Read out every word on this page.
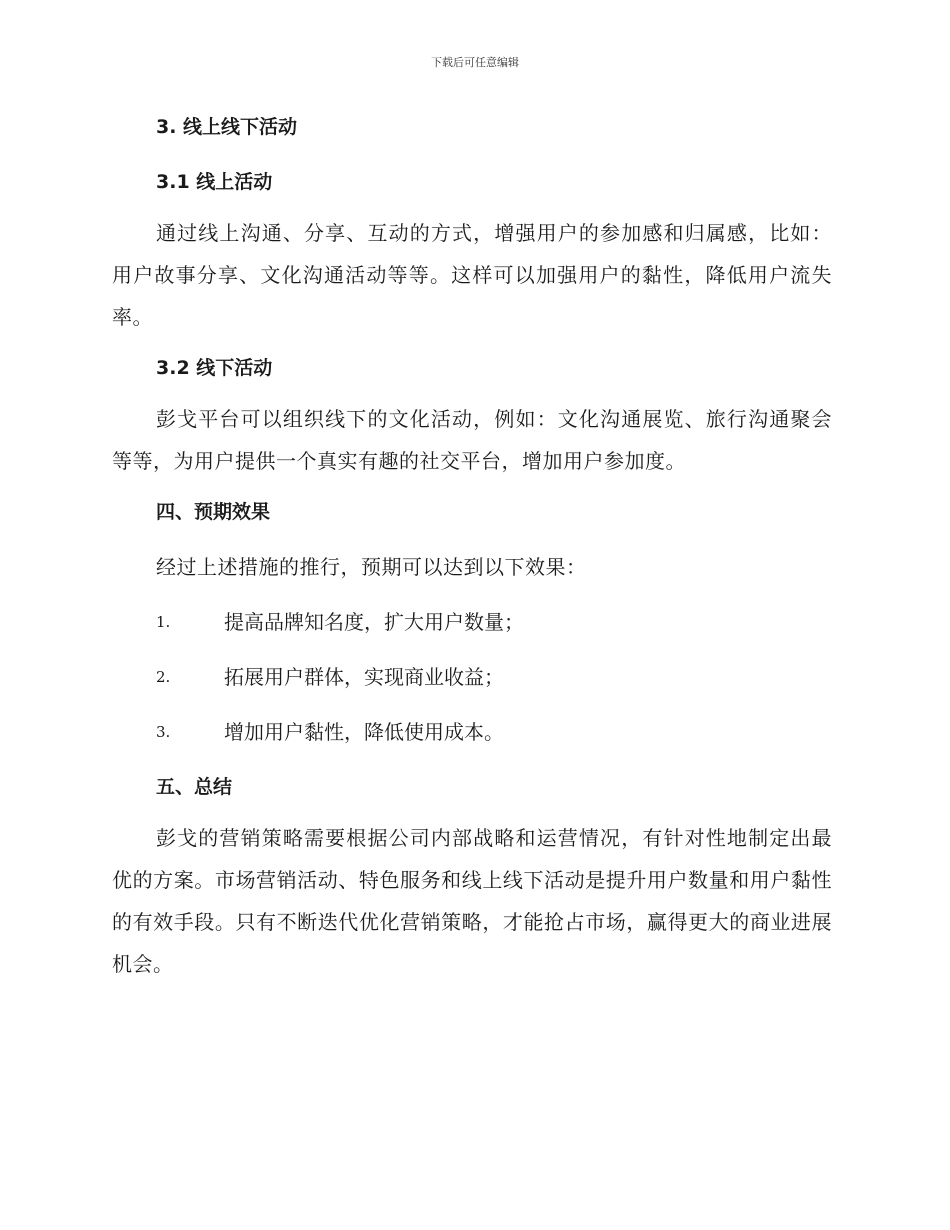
下载后可任意编辑
3. 线上线下活动
3.1 线上活动

通过线上沟通、分享、互动的方式，增强用户的参加感和归属感，比如：用户故事分享、文化沟通活动等等。这样可以加强用户的黏性，降低用户流失率。

3.2 线下活动

彭戈平台可以组织线下的文化活动，例如：文化沟通展览、旅行沟通聚会等等，为用户提供一个真实有趣的社交平台，增加用户参加度。

四、预期效果

经过上述措施的推行，预期可以达到以下效果：

1.	提高品牌知名度，扩大用户数量；
2.	拓展用户群体，实现商业收益；
3.	增加用户黏性，降低使用成本。
五、总结

彭戈的营销策略需要根据公司内部战略和运营情况，有针对性地制定出最优的方案。市场营销活动、特色服务和线上线下活动是提升用户数量和用户黏性的有效手段。只有不断迭代优化营销策略，才能抢占市场，赢得更大的商业进展机会。
